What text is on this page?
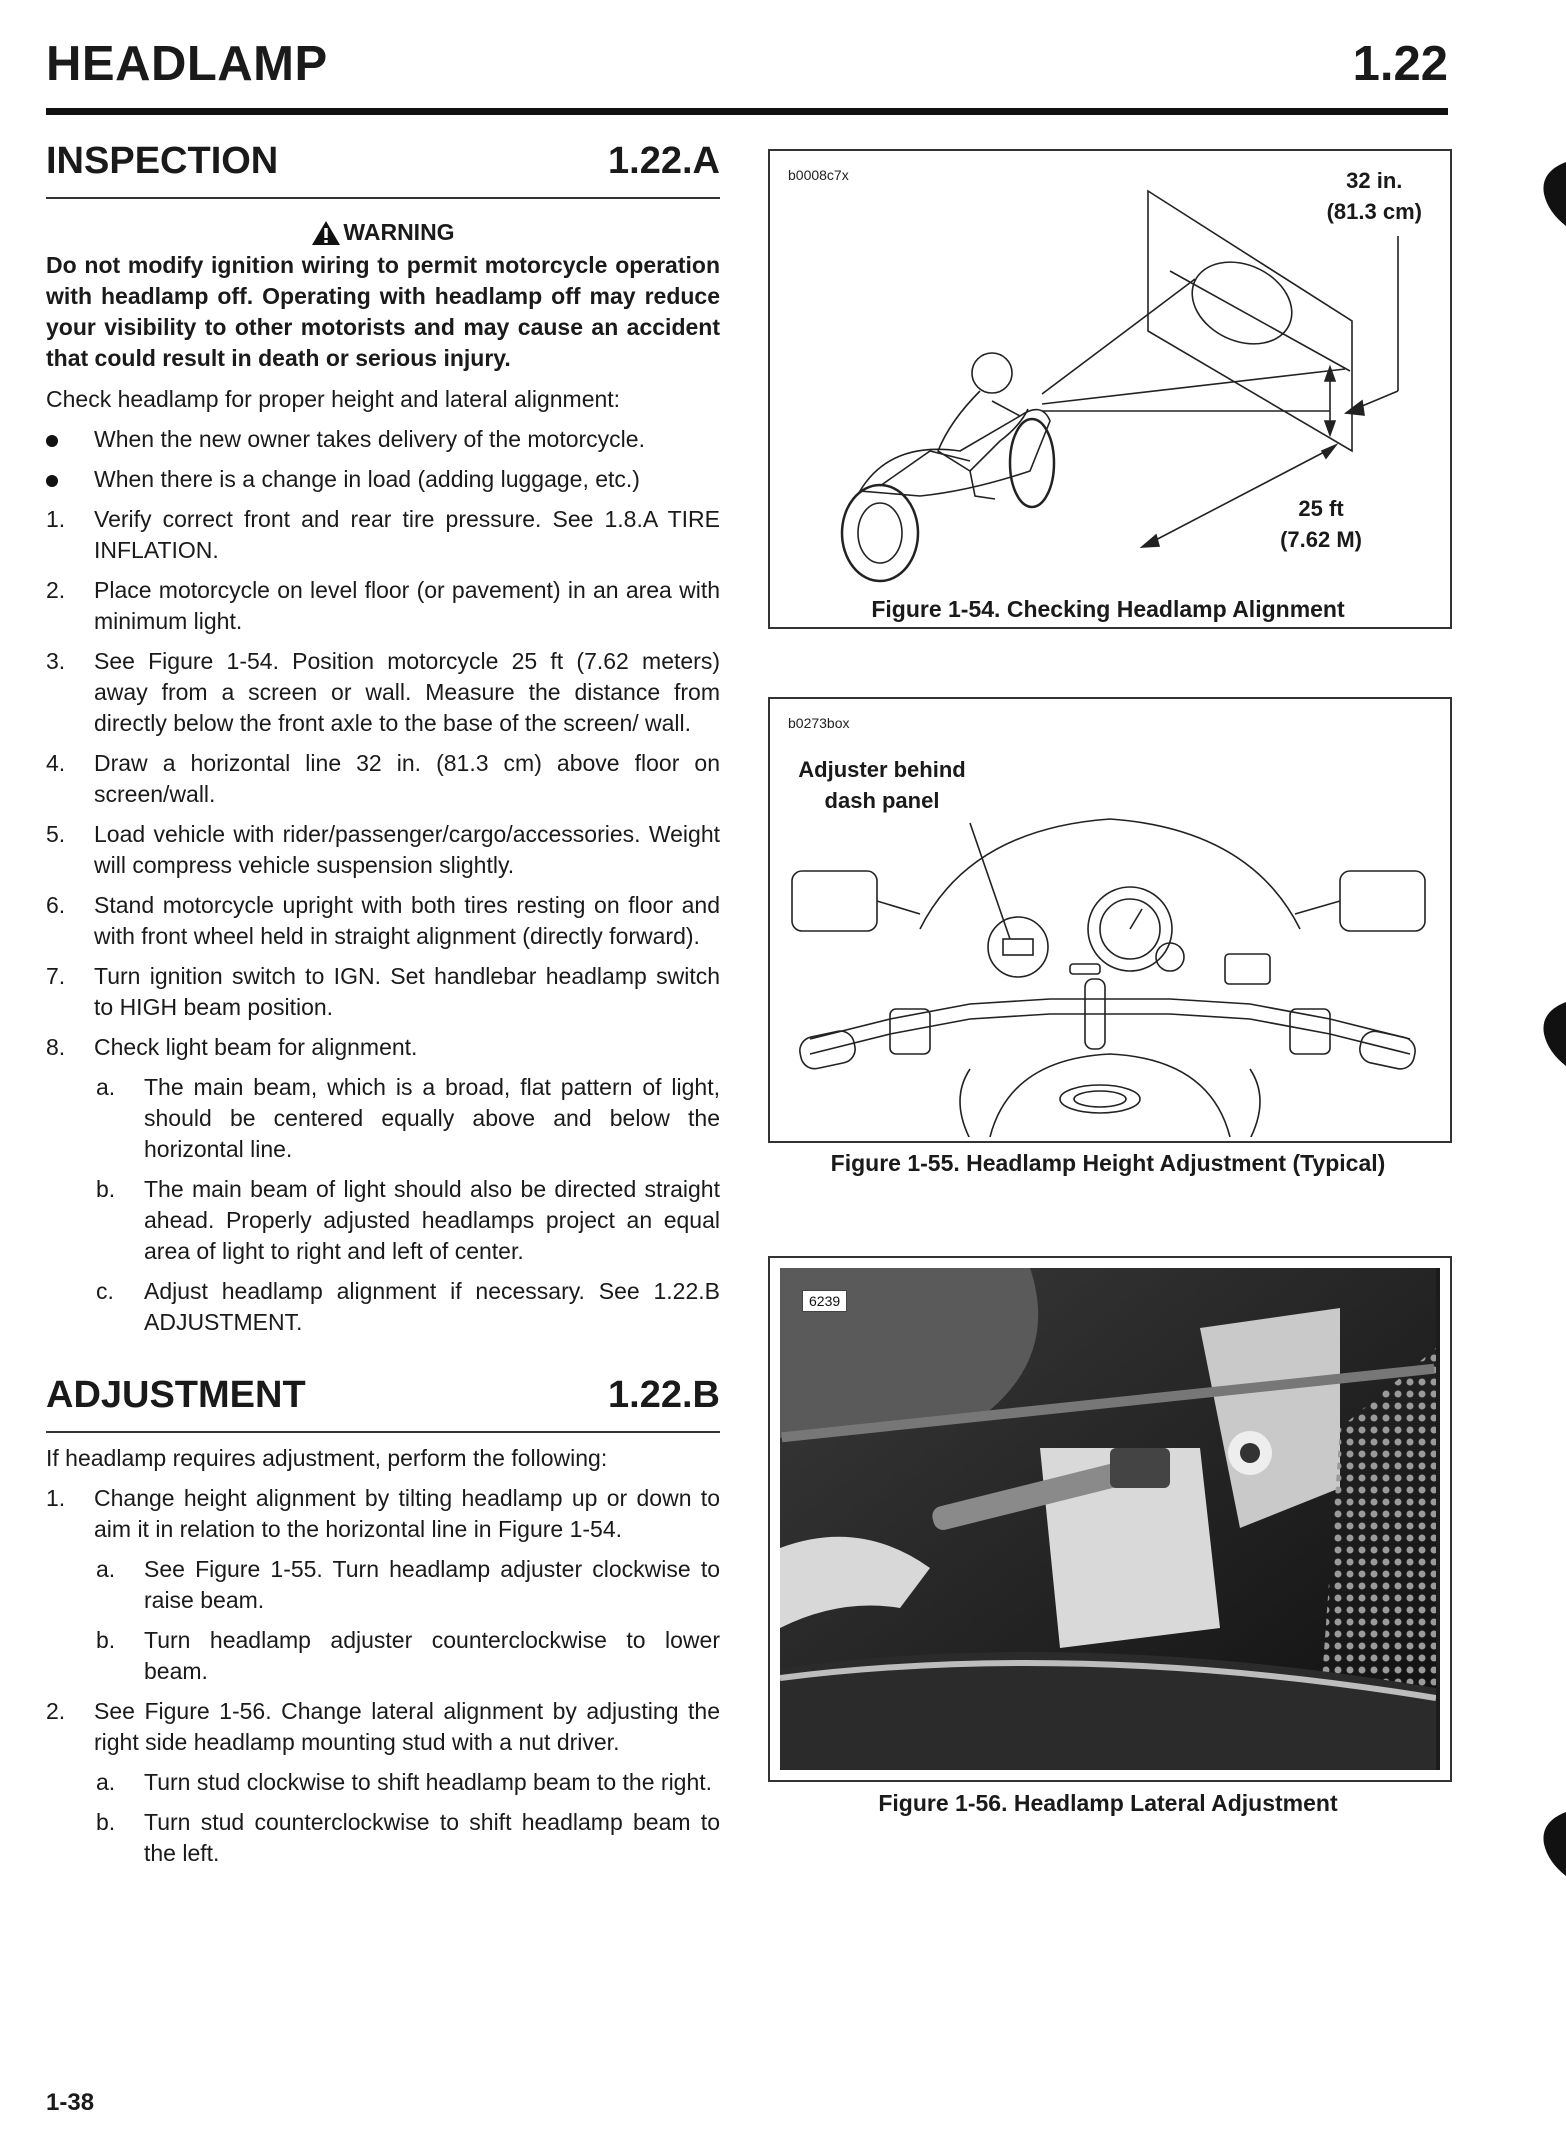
HEADLAMP	1.22
INSPECTION	1.22.A
WARNING
Do not modify ignition wiring to permit motorcycle operation with headlamp off. Operating with headlamp off may reduce your visibility to other motorists and may cause an accident that could result in death or serious injury.
Check headlamp for proper height and lateral alignment:
When the new owner takes delivery of the motorcycle.
When there is a change in load (adding luggage, etc.)
1.	Verify correct front and rear tire pressure. See 1.8.A TIRE INFLATION.
2.	Place motorcycle on level floor (or pavement) in an area with minimum light.
3.	See Figure 1-54. Position motorcycle 25 ft (7.62 meters) away from a screen or wall. Measure the distance from directly below the front axle to the base of the screen/ wall.
4.	Draw a horizontal line 32 in. (81.3 cm) above floor on screen/wall.
5.	Load vehicle with rider/passenger/cargo/accessories. Weight will compress vehicle suspension slightly.
6.	Stand motorcycle upright with both tires resting on floor and with front wheel held in straight alignment (directly forward).
7.	Turn ignition switch to IGN. Set handlebar headlamp switch to HIGH beam position.
8.	Check light beam for alignment.
a.	The main beam, which is a broad, flat pattern of light, should be centered equally above and below the horizontal line.
b.	The main beam of light should also be directed straight ahead. Properly adjusted headlamps project an equal area of light to right and left of center.
c.	Adjust headlamp alignment if necessary. See 1.22.B ADJUSTMENT.
ADJUSTMENT	1.22.B
If headlamp requires adjustment, perform the following:
1.	Change height alignment by tilting headlamp up or down to aim it in relation to the horizontal line in Figure 1-54.
a.	See Figure 1-55. Turn headlamp adjuster clockwise to raise beam.
b.	Turn headlamp adjuster counterclockwise to lower beam.
2.	See Figure 1-56. Change lateral alignment by adjusting the right side headlamp mounting stud with a nut driver.
a.	Turn stud clockwise to shift headlamp beam to the right.
b.	Turn stud counterclockwise to shift headlamp beam to the left.
b0008c7x	32 in.
(81.3 cm)
25 ft
(7.62 M)
Figure 1-54. Checking Headlamp Alignment
b0273box
Adjuster behind
dash panel
Figure 1-55. Headlamp Height Adjustment (Typical)
6239
Figure 1-56. Headlamp Lateral Adjustment
1-38
